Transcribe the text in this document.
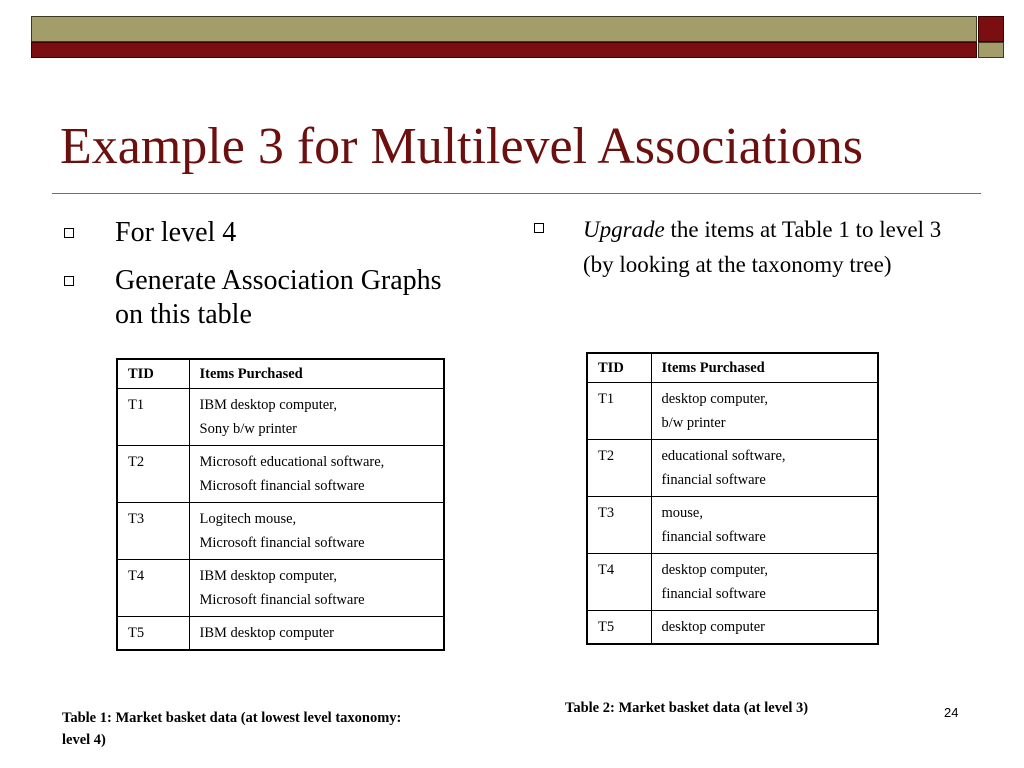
Example 3 for Multilevel Associations
For level 4
Generate Association Graphs on this table
Upgrade the items at Table 1 to level 3 (by looking at the taxonomy tree)
TID	Items Purchased
T1	IBM desktop computer,
Sony b/w printer

T2	Microsoft educational software,
Microsoft financial software

T3	Logitech mouse,
Microsoft financial software

T4	IBM desktop computer,
Microsoft financial software

T5	IBM desktop computer
TID	Items Purchased
T1	desktop computer,
b/w printer

T2	educational software,
financial software

T3	mouse,
financial software

T4	desktop computer,
financial software

T5	desktop computer
Table 1: Market basket data (at lowest level taxonomy: level 4)
Table 2: Market basket data (at level 3)	24
